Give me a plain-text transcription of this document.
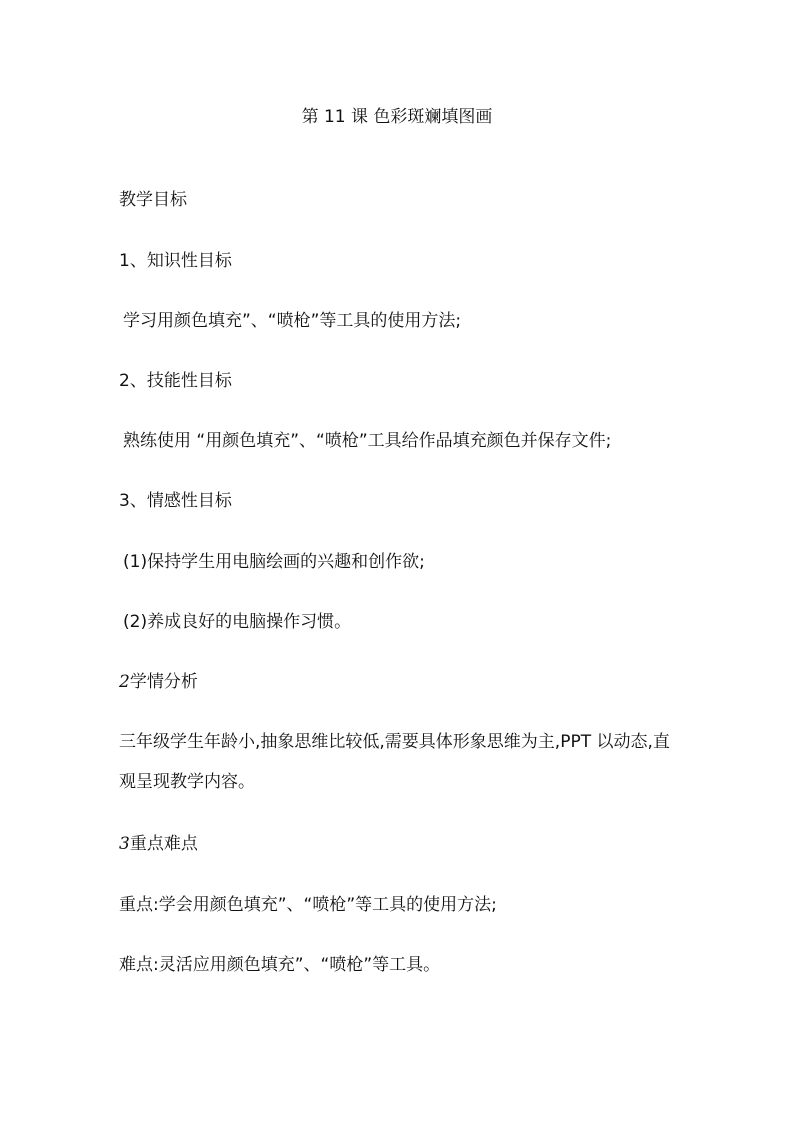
第 11 课 色彩斑斓填图画
教学目标
1、知识性目标
学习用颜色填充”、“喷枪”等工具的使用方法;
2、技能性目标
熟练使用 “用颜色填充”、“喷枪”工具给作品填充颜色并保存文件;
3、情感性目标
(1)保持学生用电脑绘画的兴趣和创作欲;
(2)养成良好的电脑操作习惯。
2学情分析
三年级学生年龄小,抽象思维比较低,需要具体形象思维为主,PPT 以动态,直观呈现教学内容。
3重点难点
重点:学会用颜色填充”、“喷枪”等工具的使用方法;
难点:灵活应用颜色填充”、“喷枪”等工具。
